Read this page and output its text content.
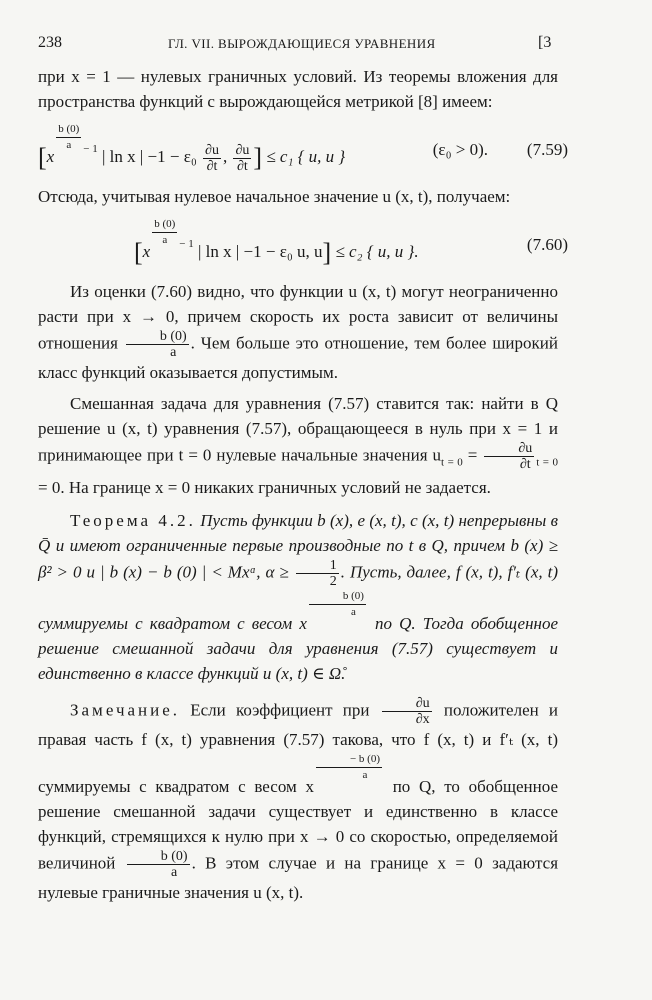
238	ГЛ. VII. ВЫРОЖДАЮЩИЕСЯ УРАВНЕНИЯ	[3

при x = 1 — нулевых граничных условий. Из теоремы вложения для пространства функций с вырождающейся метрикой [8] имеем:

[x
$\frac{b (0)}{a} ^{- 1}$ | ln x | $-1 - \varepsilon_0 \frac{\partial u}{\partial t}$ , $\frac{\partial u}{\partial t}$ ] ≤ c₁ { u, u }	(ε₀ > 0). (7.59)

Отсюда, учитывая нулевое начальное значение u (x, t), получаем:

[x
$\frac{b (0)}{a} ^{- 1}$ | ln x | −1 − ε₀ u, u] ≤ c₂ { u, u }.	(7.60)

Из оценки (7.60) видно, что функции u (x, t) могут неограниченно расти при x → 0, причем скорость их роста зависит от величины отношения $\frac{b (0)}{a}$ . Чем больше это отношение, тем более широкий класс функций оказывается допустимым.

Смешанная задача для уравнения (7.57) ставится так: найти в Q решение u (x, t) уравнения (7.57), обращающееся в нуль при x = 1 и принимающее при t = 0 нулевые начальные значения $u_{t = 0} = \frac{\partial u}{\partial t} _{t = 0} = 0$. На границе x = 0 никаких граничных условий не задается.

Теорема 4.2. Пусть функции b (x), e (x, t), c (x, t) непрерывны в Q̄ и имеют ограниченные первые производные по t в Q, причем b (x) ≥ β² > 0 и | b (x) − b (0) | < Mxᵅ, $\alpha \ge \frac{1}{2}$ . Пусть, далее, f (x, t), f′ₜ (x, t) суммируемы с квадратом с весом x
$\frac{b (0)}{a}$
по Q. Тогда обобщенное решение смешанной задачи для уравнения (7.57) существует и единственно в классе функций u (x, t) ∈ Ω̊.

Замечание. Если коэффициент при $\frac{\partial u}{\partial x}$ положителен и правая часть f (x, t) уравнения (7.57) такова, что f (x, t) и f′ₜ (x, t) суммируемы с квадратом с весом x
$\frac{- b (0)}{a}$
по Q, то обобщенное решение смешанной задачи существует и единственно в классе функций, стремящихся к нулю при x → 0 со скоростью, определяемой величиной $\frac{b (0)}{a}$ . В этом случае и на границе x = 0 задаются нулевые граничные значения u (x, t).
